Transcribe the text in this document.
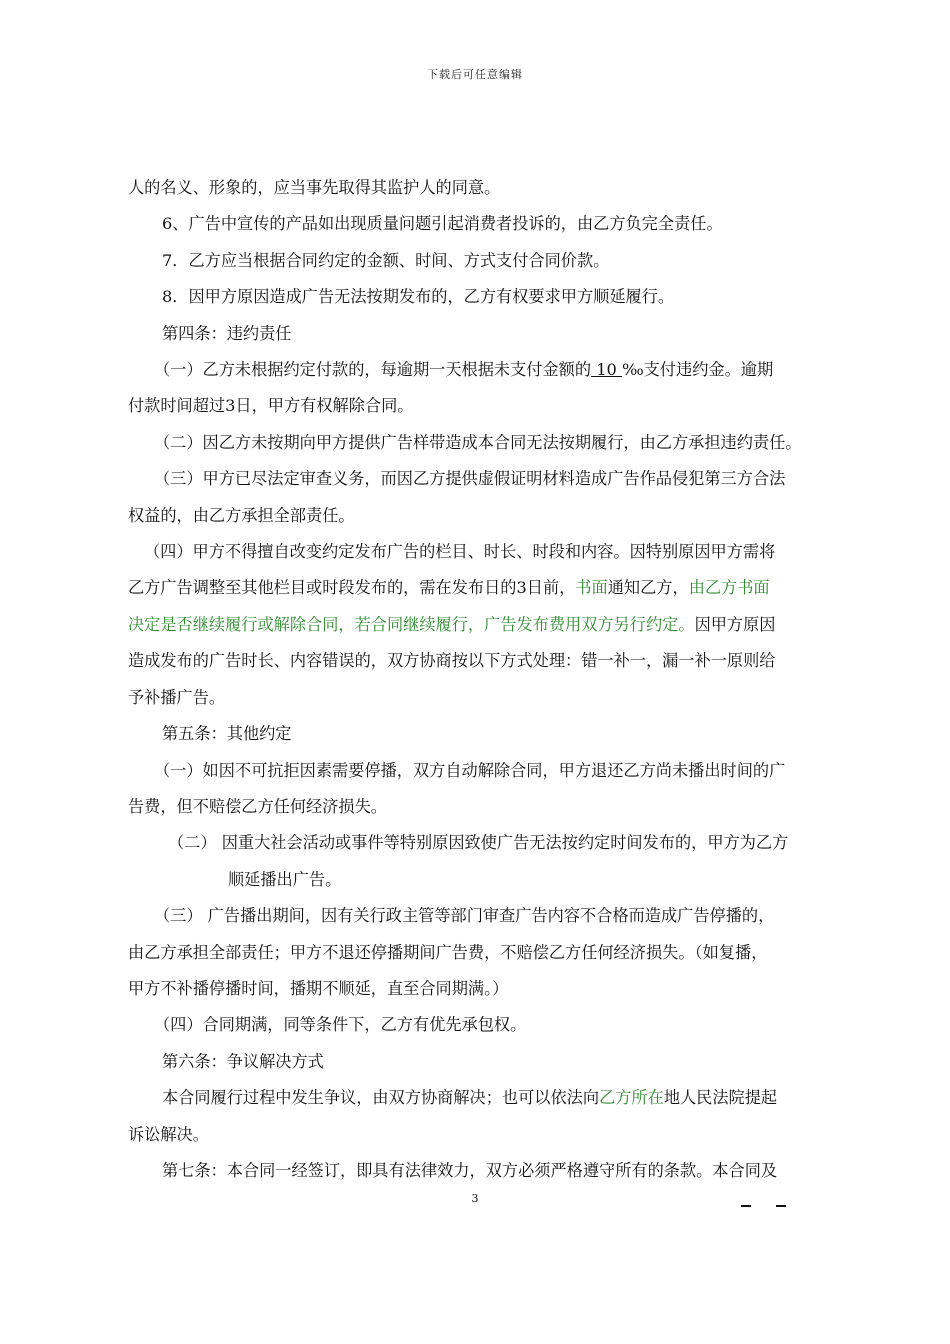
下载后可任意编辑

人的名义、形象的，应当事先取得其监护人的同意。

6、广告中宣传的产品如出现质量问题引起消费者投诉的，由乙方负完全责任。

7．乙方应当根据合同约定的金额、时间、方式支付合同价款。

8．因甲方原因造成广告无法按期发布的，乙方有权要求甲方顺延履行。

第四条：违约责任

（一）乙方未根据约定付款的，每逾期一天根据未支付金额的 10 ‰支付违约金。逾期

付款时间超过3日，甲方有权解除合同。

（二）因乙方未按期向甲方提供广告样带造成本合同无法按期履行，由乙方承担违约责任。

（三）甲方已尽法定审查义务，而因乙方提供虚假证明材料造成广告作品侵犯第三方合法

权益的，由乙方承担全部责任。

（四）甲方不得擅自改变约定发布广告的栏目、时长、时段和内容。因特别原因甲方需将

乙方广告调整至其他栏目或时段发布的，需在发布日的3日前，书面通知乙方，由乙方书面

决定是否继续履行或解除合同，若合同继续履行，广告发布费用双方另行约定。因甲方原因

造成发布的广告时长、内容错误的，双方协商按以下方式处理：错一补一，漏一补一原则给

予补播广告。

第五条：其他约定

（一）如因不可抗拒因素需要停播，双方自动解除合同，甲方退还乙方尚未播出时间的广

告费，但不赔偿乙方任何经济损失。

（二） 因重大社会活动或事件等特别原因致使广告无法按约定时间发布的，甲方为乙方

顺延播出广告。

（三） 广告播出期间，因有关行政主管等部门审查广告内容不合格而造成广告停播的，

由乙方承担全部责任；甲方不退还停播期间广告费，不赔偿乙方任何经济损失。（如复播，

甲方不补播停播时间，播期不顺延，直至合同期满。）

（四）合同期满，同等条件下，乙方有优先承包权。

第六条：争议解决方式

本合同履行过程中发生争议，由双方协商解决；也可以依法向乙方所在地人民法院提起

诉讼解决。

第七条：本合同一经签订，即具有法律效力，双方必须严格遵守所有的条款。本合同及

3
